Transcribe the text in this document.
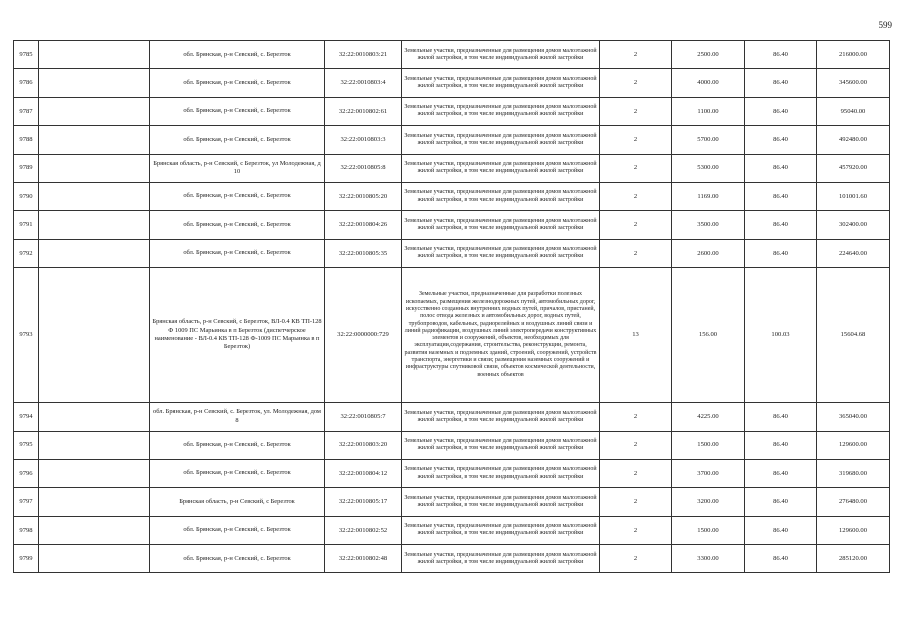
599
9785		обл. Брянская, р-н Севский, с. Березток	32:22:0010803:21	Земельные участки, предназначенные для размещения домов малоэтажной жилой застройки, в том числе индивидуальной жилой застройки	2	2500.00	86.40	216000.00
9786		обл. Брянская, р-н Севский, с. Березток	32:22:0010803:4	Земельные участки, предназначенные для размещения домов малоэтажной жилой застройки, в том числе индивидуальной жилой застройки	2	4000.00	86.40	345600.00
9787		обл. Брянская, р-н Севский, с. Березток	32:22:0010802:61	Земельные участки, предназначенные для размещения домов малоэтажной жилой застройки, в том числе индивидуальной жилой застройки	2	1100.00	86.40	95040.00
9788		обл. Брянская, р-н Севский, с. Березток	32:22:0010803:3	Земельные участки, предназначенные для размещения домов малоэтажной жилой застройки, в том числе индивидуальной жилой застройки	2	5700.00	86.40	492480.00
9789		Брянская область, р-н Севский, с Березток, ул Молодежная, д 10	32:22:0010805:8	Земельные участки, предназначенные для размещения домов малоэтажной жилой застройки, в том числе индивидуальной жилой застройки	2	5300.00	86.40	457920.00
9790		обл. Брянская, р-н Севский, с. Березток	32:22:0010805:20	Земельные участки, предназначенные для размещения домов малоэтажной жилой застройки, в том числе индивидуальной жилой застройки	2	1169.00	86.40	101001.60
9791		обл. Брянская, р-н Севский, с. Березток	32:22:0010804:26	Земельные участки, предназначенные для размещения домов малоэтажной жилой застройки, в том числе индивидуальной жилой застройки	2	3500.00	86.40	302400.00
9792		обл. Брянская, р-н Севский, с. Березток	32:22:0010805:35	Земельные участки, предназначенные для размещения домов малоэтажной жилой застройки, в том числе индивидуальной жилой застройки	2	2600.00	86.40	224640.00
9793		Брянская область, р-н Севский, с Березток, ВЛ-0.4 КВ ТП-128 Ф 1009 ПС Марьинка в п Березток (диспетчерское наименование - ВЛ-0.4 КВ ТП-128 Ф-1009 ПС Марьинка в п Березток)	32:22:0000000:729	Земельные участки, предназначенные для разработки полезных ископаемых, размещения железнодорожных путей, автомобильных дорог, искусственно созданных внутренних водных путей, причалов, пристаней, полос отвода железных и автомобильных дорог, водных путей, трубопроводов, кабельных, радиорелейных и воздушных линий связи и линий радиофикации, воздушных линий электропередачи конструктивных элементов и сооружений, объектов, необходимых для эксплуатации,содержания, строительства, реконструкции, ремонта, развития наземных и подземных зданий, строений, сооружений, устройств транспорта, энергетики и связи; размещения наземных сооружений и инфраструктуры спутниковой связи, объектов космической деятельности, военных объектов	13	156.00	100.03	15604.68
9794		обл. Брянская, р-н Севский, с. Березток, ул. Молодежная, дом 8	32:22:0010805:7	Земельные участки, предназначенные для размещения домов малоэтажной жилой застройки, в том числе индивидуальной жилой застройки	2	4225.00	86.40	365040.00
9795		обл. Брянская, р-н Севский, с. Березток	32:22:0010803:20	Земельные участки, предназначенные для размещения домов малоэтажной жилой застройки, в том числе индивидуальной жилой застройки	2	1500.00	86.40	129600.00
9796		обл. Брянская, р-н Севский, с. Березток	32:22:0010804:12	Земельные участки, предназначенные для размещения домов малоэтажной жилой застройки, в том числе индивидуальной жилой застройки	2	3700.00	86.40	319680.00
9797		Брянская область, р-н Севский, с Березток	32:22:0010805:17	Земельные участки, предназначенные для размещения домов малоэтажной жилой застройки, в том числе индивидуальной жилой застройки	2	3200.00	86.40	276480.00
9798		обл. Брянская, р-н Севский, с. Березток	32:22:0010802:52	Земельные участки, предназначенные для размещения домов малоэтажной жилой застройки, в том числе индивидуальной жилой застройки	2	1500.00	86.40	129600.00
9799		обл. Брянская, р-н Севский, с. Березток	32:22:0010802:48	Земельные участки, предназначенные для размещения домов малоэтажной жилой застройки, в том числе индивидуальной жилой застройки	2	3300.00	86.40	285120.00
